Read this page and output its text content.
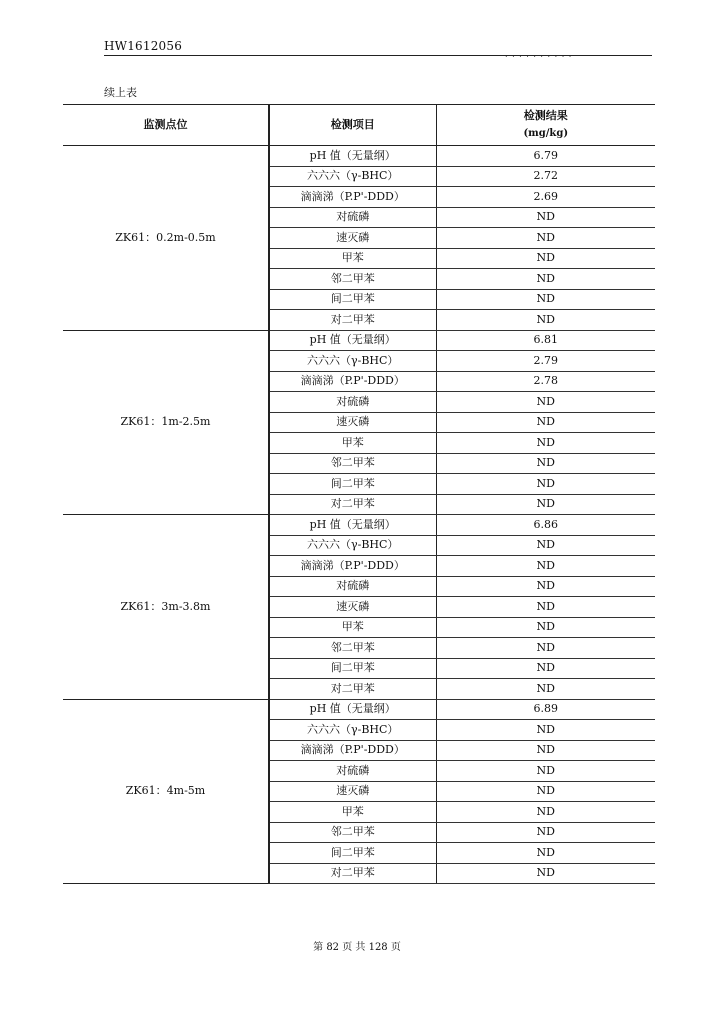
HW1612056
. . . . . . . . . .
续上表
监测点位	检测项目	检测结果
(mg/kg)

ZK61：0.2m-0.5m	pH 值（无量纲）	6.79
	六六六（γ-BHC）	2.72
	滴滴涕（P.P'-DDD）	2.69
	对硫磷	ND
	速灭磷	ND
	甲苯	ND
	邻二甲苯	ND
	间二甲苯	ND
	对二甲苯	ND
ZK61：1m-2.5m	pH 值（无量纲）	6.81
	六六六（γ-BHC）	2.79
	滴滴涕（P.P'-DDD）	2.78
	对硫磷	ND
	速灭磷	ND
	甲苯	ND
	邻二甲苯	ND
	间二甲苯	ND
	对二甲苯	ND
ZK61：3m-3.8m	pH 值（无量纲）	6.86
	六六六（γ-BHC）	ND
	滴滴涕（P.P'-DDD）	ND
	对硫磷	ND
	速灭磷	ND
	甲苯	ND
	邻二甲苯	ND
	间二甲苯	ND
	对二甲苯	ND
ZK61：4m-5m	pH 值（无量纲）	6.89
	六六六（γ-BHC）	ND
	滴滴涕（P.P'-DDD）	ND
	对硫磷	ND
	速灭磷	ND
	甲苯	ND
	邻二甲苯	ND
	间二甲苯	ND
	对二甲苯	ND
第 82 页 共 128 页
